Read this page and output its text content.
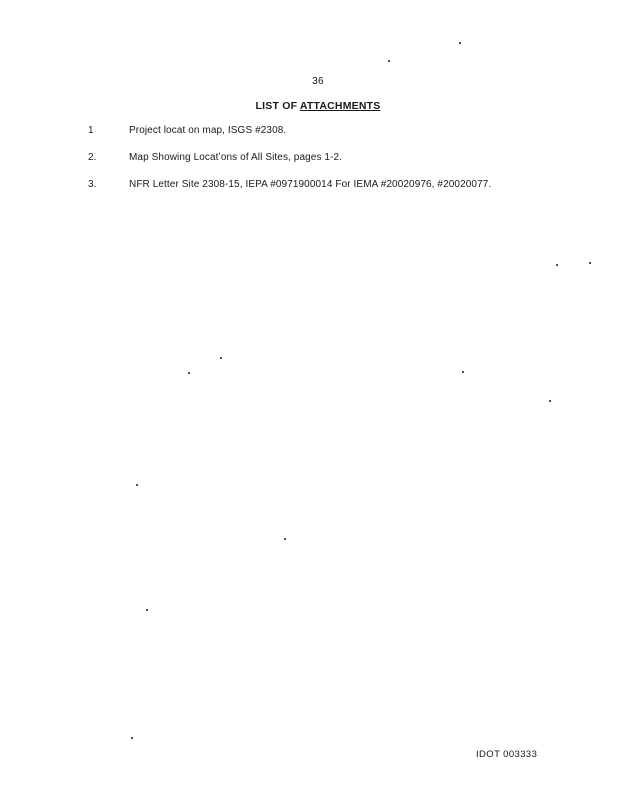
36
LIST OF ATTACHMENTS
1	Project locat on map, ISGS #2308.
2.	Map Showing Locatʼons of All Sites, pages 1-2.
3.	NFR Letter Site 2308-15, IEPA #0971900014 For IEMA #20020976, #20020077.
IDOT 003333
